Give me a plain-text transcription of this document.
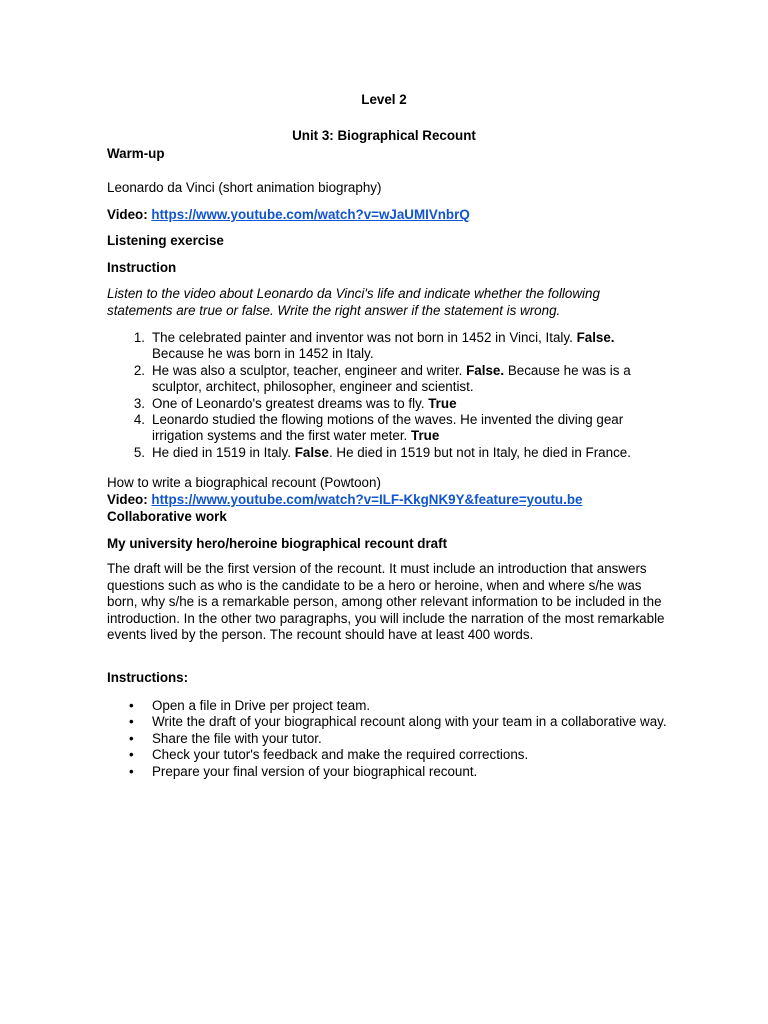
Level 2
Unit 3: Biographical Recount
Warm-up
Leonardo da Vinci (short animation biography)
Video: https://www.youtube.com/watch?v=wJaUMIVnbrQ
Listening exercise
Instruction
Listen to the video about Leonardo da Vinci's life and indicate whether the following statements are true or false. Write the right answer if the statement is wrong.
1. The celebrated painter and inventor was not born in 1452 in Vinci, Italy. False. Because he was born in 1452 in Italy.
2. He was also a sculptor, teacher, engineer and writer. False. Because he was is a sculptor, architect, philosopher, engineer and scientist.
3. One of Leonardo's greatest dreams was to fly. True
4. Leonardo studied the flowing motions of the waves. He invented the diving gear irrigation systems and the first water meter. True
5. He died in 1519 in Italy. False. He died in 1519 but not in Italy, he died in France.
How to write a biographical recount (Powtoon)
Video: https://www.youtube.com/watch?v=ILF-KkgNK9Y&feature=youtu.be
Collaborative work
My university hero/heroine biographical recount draft
The draft will be the first version of the recount. It must include an introduction that answers questions such as who is the candidate to be a hero or heroine, when and where s/he was born, why s/he is a remarkable person, among other relevant information to be included in the introduction. In the other two paragraphs, you will include the narration of the most remarkable events lived by the person. The recount should have at least 400 words.
Instructions:
• Open a file in Drive per project team.
• Write the draft of your biographical recount along with your team in a collaborative way.
• Share the file with your tutor.
• Check your tutor's feedback and make the required corrections.
• Prepare your final version of your biographical recount.
